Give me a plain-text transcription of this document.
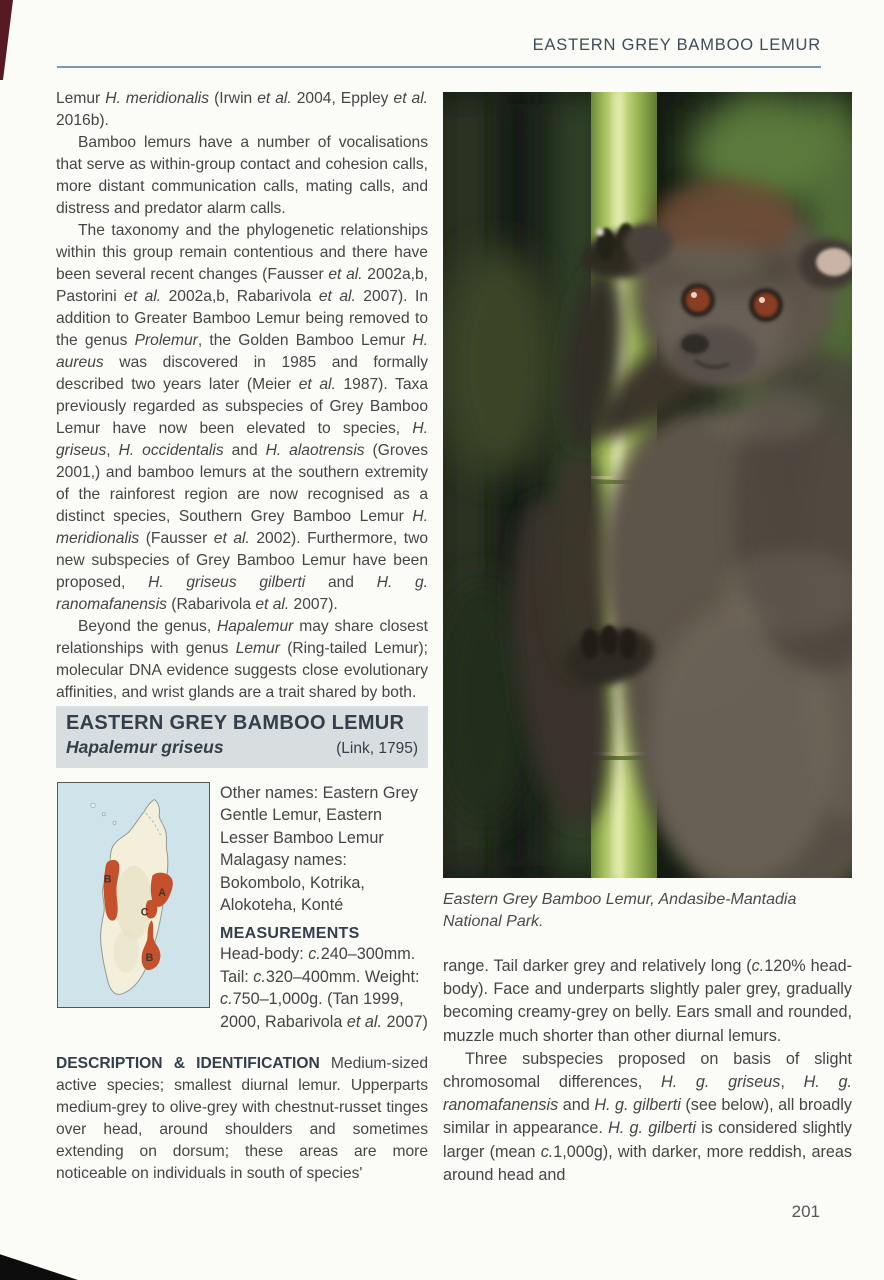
EASTERN GREY BAMBOO LEMUR

Lemur H. meridionalis (Irwin et al. 2004, Eppley et al. 2016b).

Bamboo lemurs have a number of vocalisations that serve as within-group contact and cohesion calls, more distant communication calls, mating calls, and distress and predator alarm calls.

The taxonomy and the phylogenetic relationships within this group remain contentious and there have been several recent changes (Fausser et al. 2002a,b, Pastorini et al. 2002a,b, Rabarivola et al. 2007). In addition to Greater Bamboo Lemur being removed to the genus Prolemur, the Golden Bamboo Lemur H. aureus was discovered in 1985 and formally described two years later (Meier et al. 1987). Taxa previously regarded as subspecies of Grey Bamboo Lemur have now been elevated to species, H. griseus, H. occidentalis and H. alaotrensis (Groves 2001,) and bamboo lemurs at the southern extremity of the rainforest region are now recognised as a distinct species, Southern Grey Bamboo Lemur H. meridionalis (Fausser et al. 2002). Furthermore, two new subspecies of Grey Bamboo Lemur have been proposed, H. griseus gilberti and H. g. ranomafanensis (Rabarivola et al. 2007).

Beyond the genus, Hapalemur may share closest relationships with genus Lemur (Ring-tailed Lemur); molecular DNA evidence suggests close evolutionary affinities, and wrist glands are a trait shared by both.

EASTERN GREY BAMBOO LEMUR
Hapalemur griseus	(Link, 1795)
B
A
C
B

Other names: Eastern Grey Gentle Lemur, Eastern Lesser Bamboo Lemur

Malagasy names: Bokombolo, Kotrika, Alokoteha, Konté

MEASUREMENTS

Head-body: c.240–300mm. Tail: c.320–400mm. Weight: c.750–1,000g. (Tan 1999, 2000, Rabarivola et al. 2007)

DESCRIPTION & IDENTIFICATION Medium-sized active species; smallest diurnal lemur. Upperparts medium-grey to olive-grey with chestnut-russet tinges over head, around shoulders and sometimes extending on dorsum; these areas are more noticeable on individuals in south of species'

Eastern Grey Bamboo Lemur, Andasibe-Mantadia National Park.

range. Tail darker grey and relatively long (c.120% head-body). Face and underparts slightly paler grey, gradually becoming creamy-grey on belly. Ears small and rounded, muzzle much shorter than other diurnal lemurs.

Three subspecies proposed on basis of slight chromosomal differences, H. g. griseus, H. g. ranomafanensis and H. g. gilberti (see below), all broadly similar in appearance. H. g. gilberti is considered slightly larger (mean c.1,000g), with darker, more reddish, areas around head and

201
